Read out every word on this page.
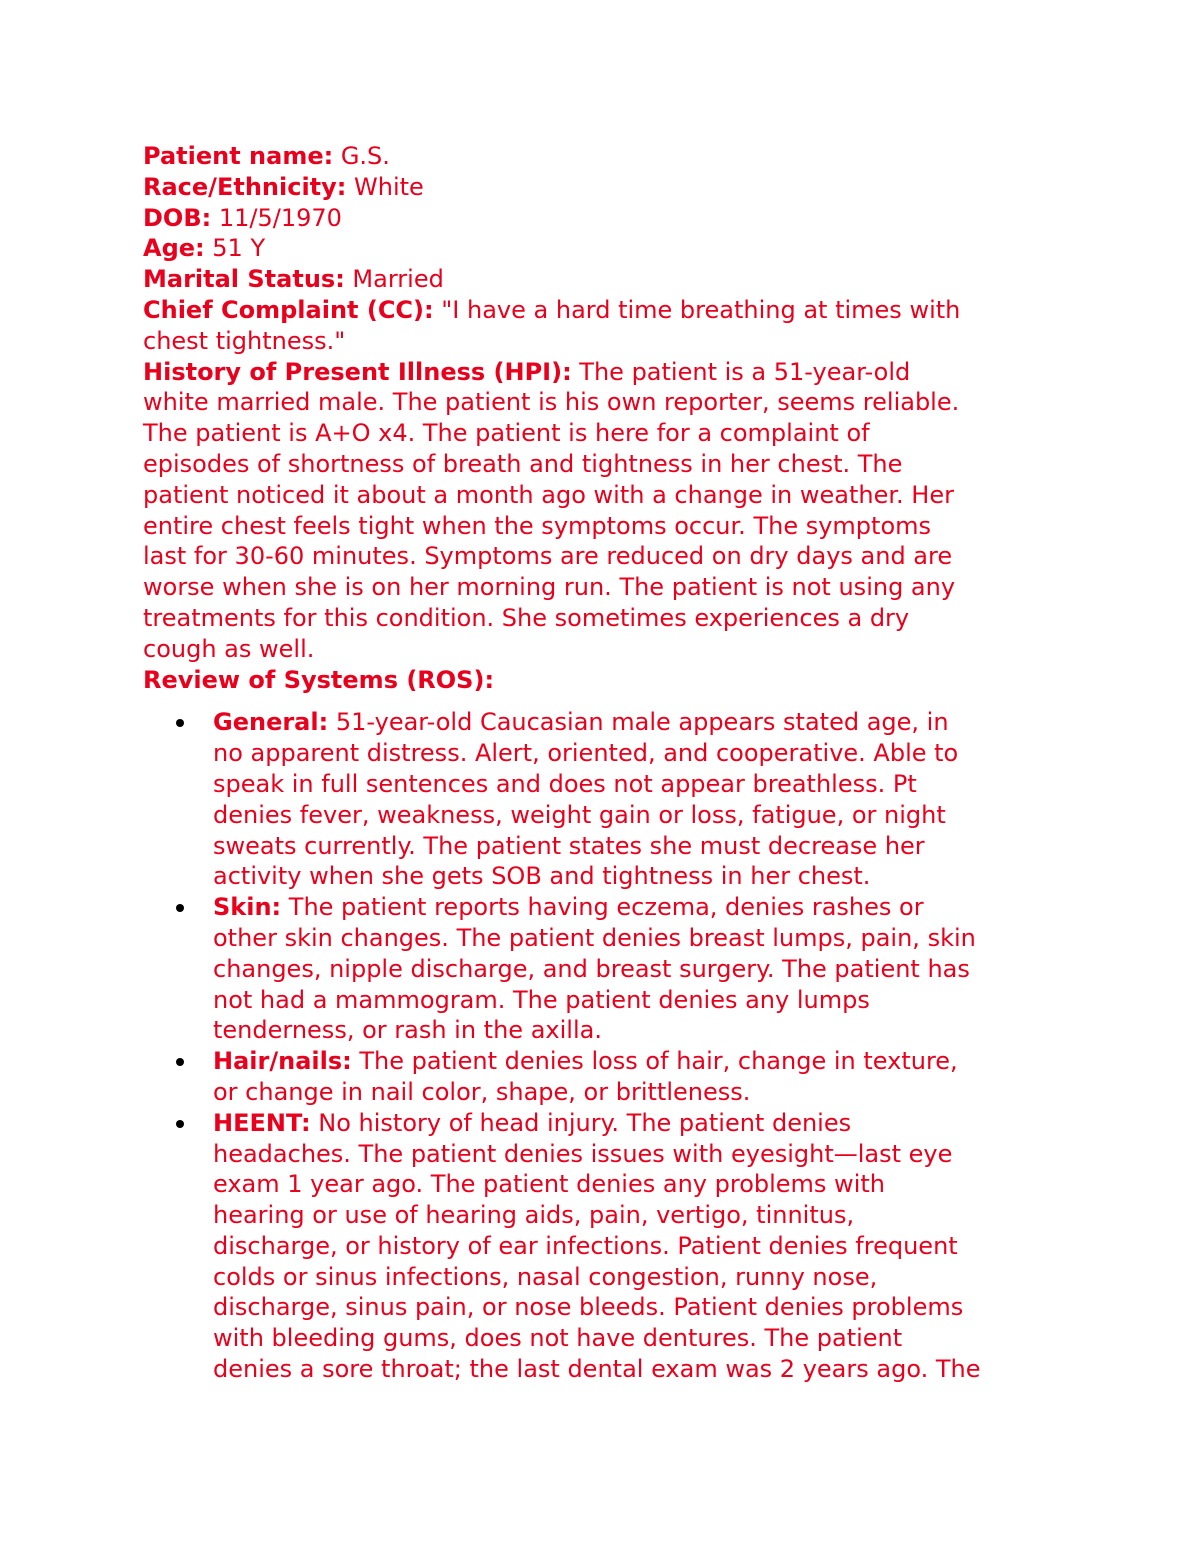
Patient name: G.S.
Race/Ethnicity: White
DOB: 11/5/1970
Age: 51 Y
Marital Status: Married
Chief Complaint (CC): "I have a hard time breathing at times with
chest tightness."
History of Present Illness (HPI): The patient is a 51-year-old
white married male. The patient is his own reporter, seems reliable.
The patient is A+O x4. The patient is here for a complaint of
episodes of shortness of breath and tightness in her chest. The
patient noticed it about a month ago with a change in weather. Her
entire chest feels tight when the symptoms occur. The symptoms
last for 30-60 minutes. Symptoms are reduced on dry days and are
worse when she is on her morning run. The patient is not using any
treatments for this condition. She sometimes experiences a dry
cough as well.
Review of Systems (ROS):
General: 51-year-old Caucasian male appears stated age, in
no apparent distress. Alert, oriented, and cooperative. Able to
speak in full sentences and does not appear breathless. Pt
denies fever, weakness, weight gain or loss, fatigue, or night
sweats currently. The patient states she must decrease her
activity when she gets SOB and tightness in her chest.
Skin: The patient reports having eczema, denies rashes or
other skin changes. The patient denies breast lumps, pain, skin
changes, nipple discharge, and breast surgery. The patient has
not had a mammogram. The patient denies any lumps
tenderness, or rash in the axilla.
Hair/nails: The patient denies loss of hair, change in texture,
or change in nail color, shape, or brittleness.
HEENT: No history of head injury. The patient denies
headaches. The patient denies issues with eyesight—last eye
exam 1 year ago. The patient denies any problems with
hearing or use of hearing aids, pain, vertigo, tinnitus,
discharge, or history of ear infections. Patient denies frequent
colds or sinus infections, nasal congestion, runny nose,
discharge, sinus pain, or nose bleeds. Patient denies problems
with bleeding gums, does not have dentures. The patient
denies a sore throat; the last dental exam was 2 years ago. The
